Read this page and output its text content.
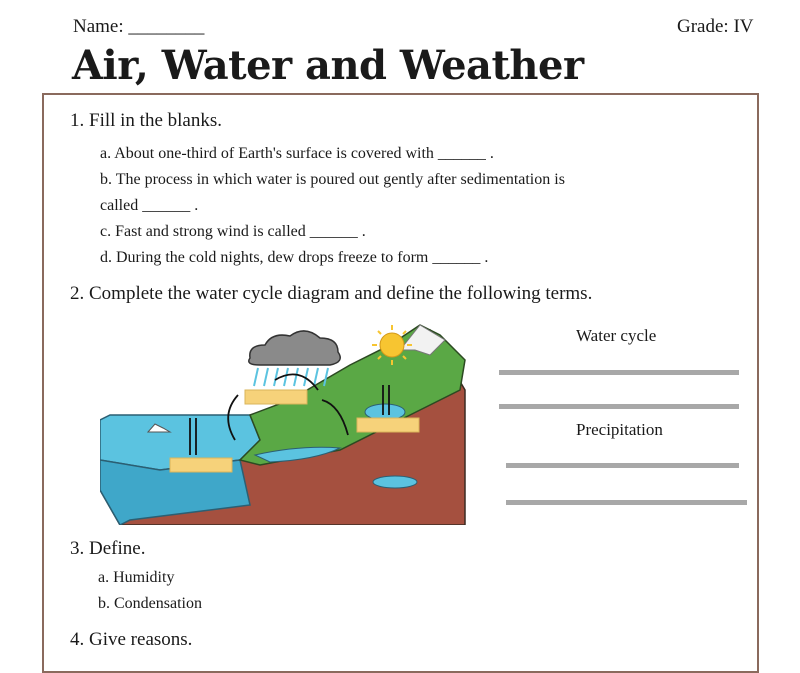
Name: ________	Grade: IV
Air, Water and Weather
1. Fill in the blanks.
a. About one-third of Earth's surface is covered with ______ .
b. The process in which water is poured out gently after sedimentation is
called ______ .
c. Fast and strong wind is called ______ .
d. During the cold nights, dew drops freeze to form ______ .
2. Complete the water cycle diagram and define the following terms.
Water cycle
Precipitation
3. Define.
a. Humidity
b. Condensation
4. Give reasons.
